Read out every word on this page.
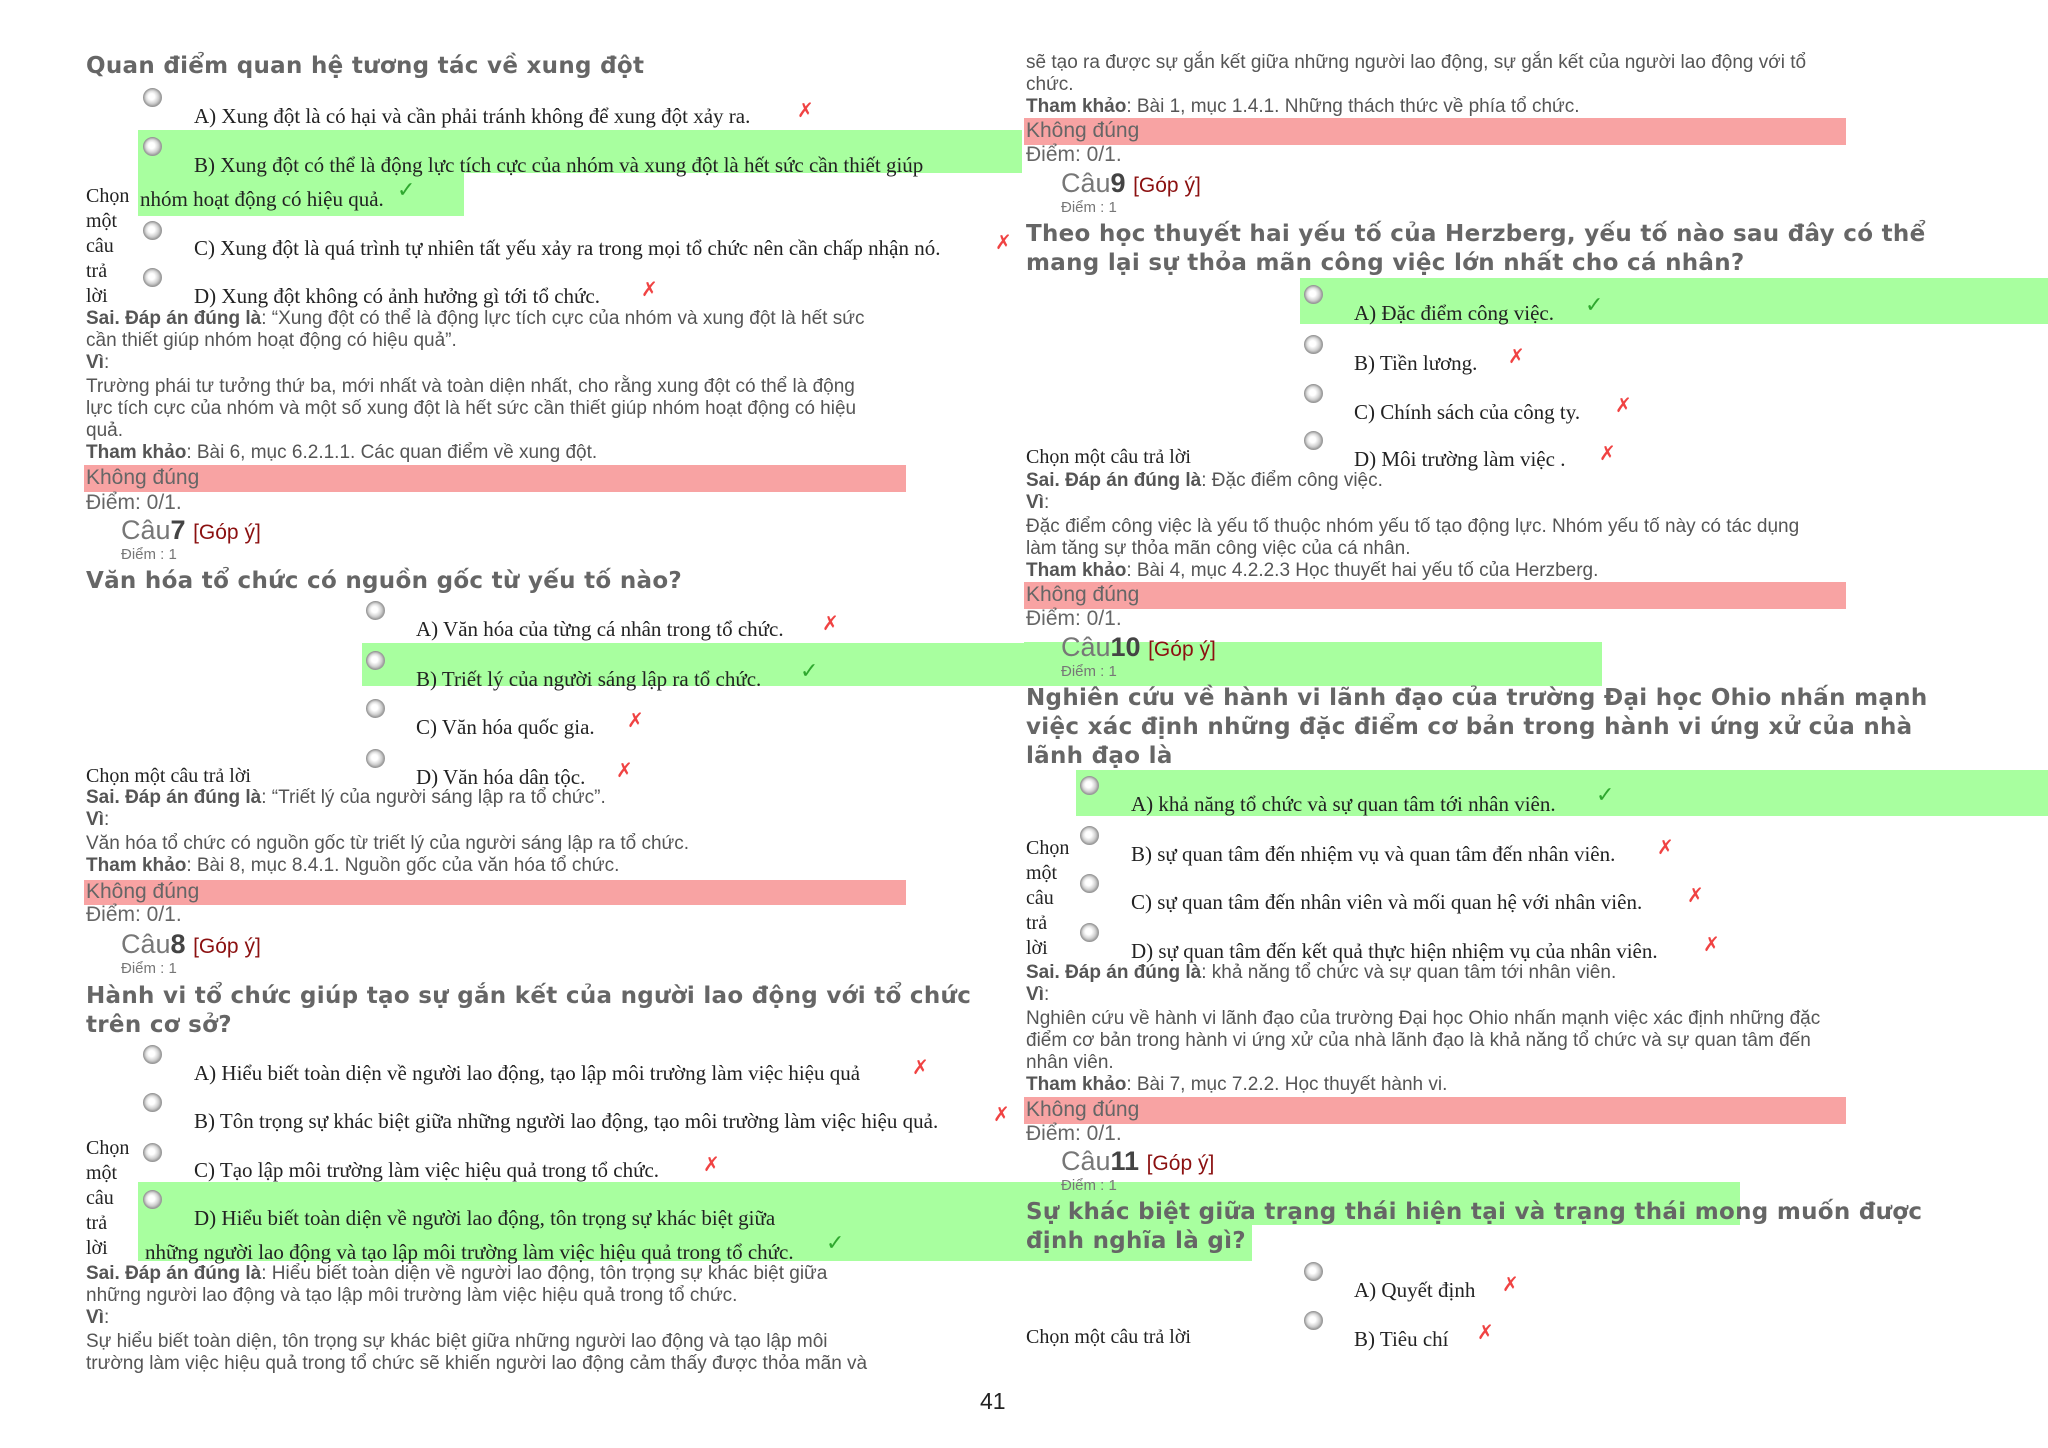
Quan điểm quan hệ tương tác về xung đột
A) Xung đột là có hại và cần phải tránh không để xung đột xảy ra. ✗
B) Xung đột có thể là động lực tích cực của nhóm và xung đột là hết sức cần thiết giúp
nhóm hoạt động có hiệu quả. ✓
Chọn
một
câu
trả
lời
C) Xung đột là quá trình tự nhiên tất yếu xảy ra trong mọi tổ chức nên cần chấp nhận nó.	✗
D) Xung đột không có ảnh hưởng gì tới tổ chức. ✗
Sai. Đáp án đúng là: “Xung đột có thể là động lực tích cực của nhóm và xung đột là hết sức
cần thiết giúp nhóm hoạt động có hiệu quả”.
Vì:
Trường phái tư tưởng thứ ba, mới nhất và toàn diện nhất, cho rằng xung đột có thể là động
lực tích cực của nhóm và một số xung đột là hết sức cần thiết giúp nhóm hoạt động có hiệu
quả.
Tham khảo: Bài 6, mục 6.2.1.1. Các quan điểm về xung đột.
Không đúng
Điểm: 0/1.
Câu7 [Góp ý]
Điểm : 1
Văn hóa tổ chức có nguồn gốc từ yếu tố nào?
A) Văn hóa của từng cá nhân trong tổ chức. ✗
B) Triết lý của người sáng lập ra tổ chức. ✓
C) Văn hóa quốc gia. ✗
Chọn một câu trả lời	D) Văn hóa dân tộc. ✗
Sai. Đáp án đúng là: “Triết lý của người sáng lập ra tổ chức”.
Vì:
Văn hóa tổ chức có nguồn gốc từ triết lý của người sáng lập ra tổ chức.
Tham khảo: Bài 8, mục 8.4.1. Nguồn gốc của văn hóa tổ chức.
Không đúng
Điểm: 0/1.
Câu8 [Góp ý]
Điểm : 1
Hành vi tổ chức giúp tạo sự gắn kết của người lao động với tổ chức
trên cơ sở?
A) Hiểu biết toàn diện về người lao động, tạo lập môi trường làm việc hiệu quả	✗
B) Tôn trọng sự khác biệt giữa những người lao động, tạo môi trường làm việc hiệu quả.	✗
C) Tạo lập môi trường làm việc hiệu quả trong tổ chức. ✗
Chọn
một
câu
trả
lời
D) Hiểu biết toàn diện về người lao động, tôn trọng sự khác biệt giữa
những người lao động và tạo lập môi trường làm việc hiệu quả trong tổ chức. ✓
Sai. Đáp án đúng là: Hiểu biết toàn diện về người lao động, tôn trọng sự khác biệt giữa
những người lao động và tạo lập môi trường làm việc hiệu quả trong tổ chức.
Vì:
Sự hiểu biết toàn diện, tôn trọng sự khác biệt giữa những người lao động và tạo lập môi
trường làm việc hiệu quả trong tổ chức sẽ khiến người lao động cảm thấy được thỏa mãn và
41
sẽ tạo ra được sự gắn kết giữa những người lao động, sự gắn kết của người lao động với tổ
chức.
Tham khảo: Bài 1, mục 1.4.1. Những thách thức về phía tổ chức.
Không đúng
Điểm: 0/1.
Câu9 [Góp ý]
Điểm : 1
Theo học thuyết hai yếu tố của Herzberg, yếu tố nào sau đây có thể
mang lại sự thỏa mãn công việc lớn nhất cho cá nhân?
A) Đặc điểm công việc. ✓
B) Tiền lương. ✗
C) Chính sách của công ty. ✗
Chọn một câu trả lời	D) Môi trường làm việc . ✗
Sai. Đáp án đúng là: Đặc điểm công việc.
Vì:
Đặc điểm công việc là yếu tố thuộc nhóm yếu tố tạo động lực. Nhóm yếu tố này có tác dụng
làm tăng sự thỏa mãn công việc của cá nhân.
Tham khảo: Bài 4, mục 4.2.2.3 Học thuyết hai yếu tố của Herzberg.
Không đúng
Điểm: 0/1.
Câu10 [Góp ý]
Điểm : 1
Nghiên cứu về hành vi lãnh đạo của trường Đại học Ohio nhấn mạnh
việc xác định những đặc điểm cơ bản trong hành vi ứng xử của nhà
lãnh đạo là
A) khả năng tổ chức và sự quan tâm tới nhân viên. ✓
Chọn
một
câu
trả
lời
B) sự quan tâm đến nhiệm vụ và quan tâm đến nhân viên. ✗
C) sự quan tâm đến nhân viên và mối quan hệ với nhân viên. ✗
D) sự quan tâm đến kết quả thực hiện nhiệm vụ của nhân viên. ✗
Sai. Đáp án đúng là: khả năng tổ chức và sự quan tâm tới nhân viên.
Vì:
Nghiên cứu về hành vi lãnh đạo của trường Đại học Ohio nhấn mạnh việc xác định những đặc
điểm cơ bản trong hành vi ứng xử của nhà lãnh đạo là khả năng tổ chức và sự quan tâm đến
nhân viên.
Tham khảo: Bài 7, mục 7.2.2. Học thuyết hành vi.
Không đúng
Điểm: 0/1.
Câu11 [Góp ý]
Điểm : 1
Sự khác biệt giữa trạng thái hiện tại và trạng thái mong muốn được
định nghĩa là gì?
A) Quyết định ✗
Chọn một câu trả lời	B) Tiêu chí ✗
